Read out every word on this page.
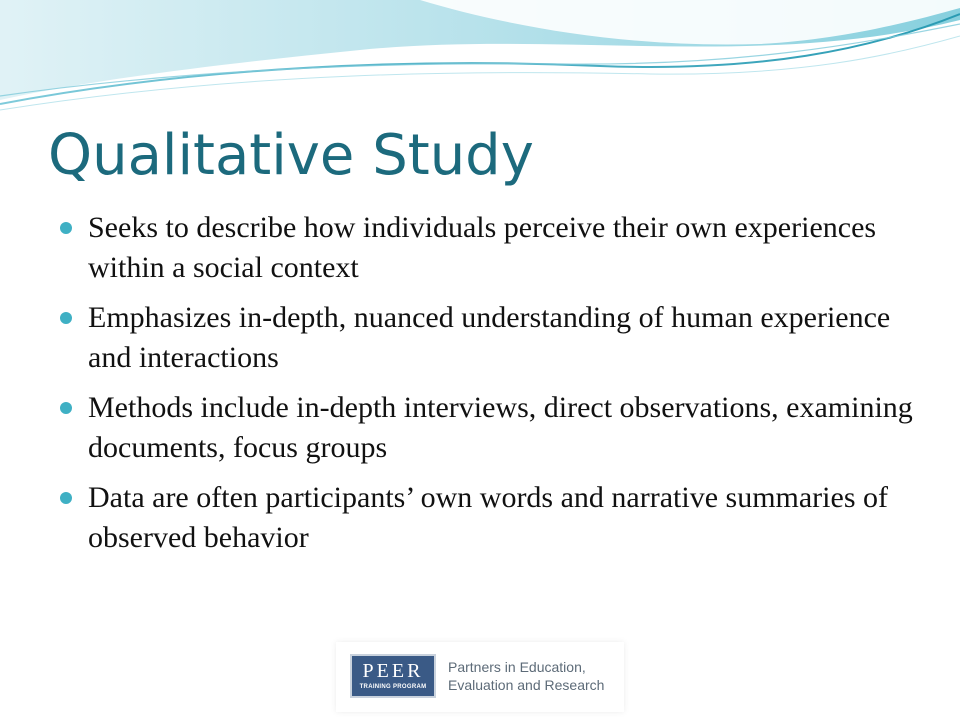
Qualitative Study
Seeks to describe how individuals perceive their own experiences within a social context
Emphasizes in-depth, nuanced understanding of human experience and interactions
Methods include in-depth interviews, direct observations, examining documents, focus groups
Data are often participants’ own words and narrative summaries of observed behavior
PEER
TRAINING PROGRAM
Partners in Education,
Evaluation and Research
